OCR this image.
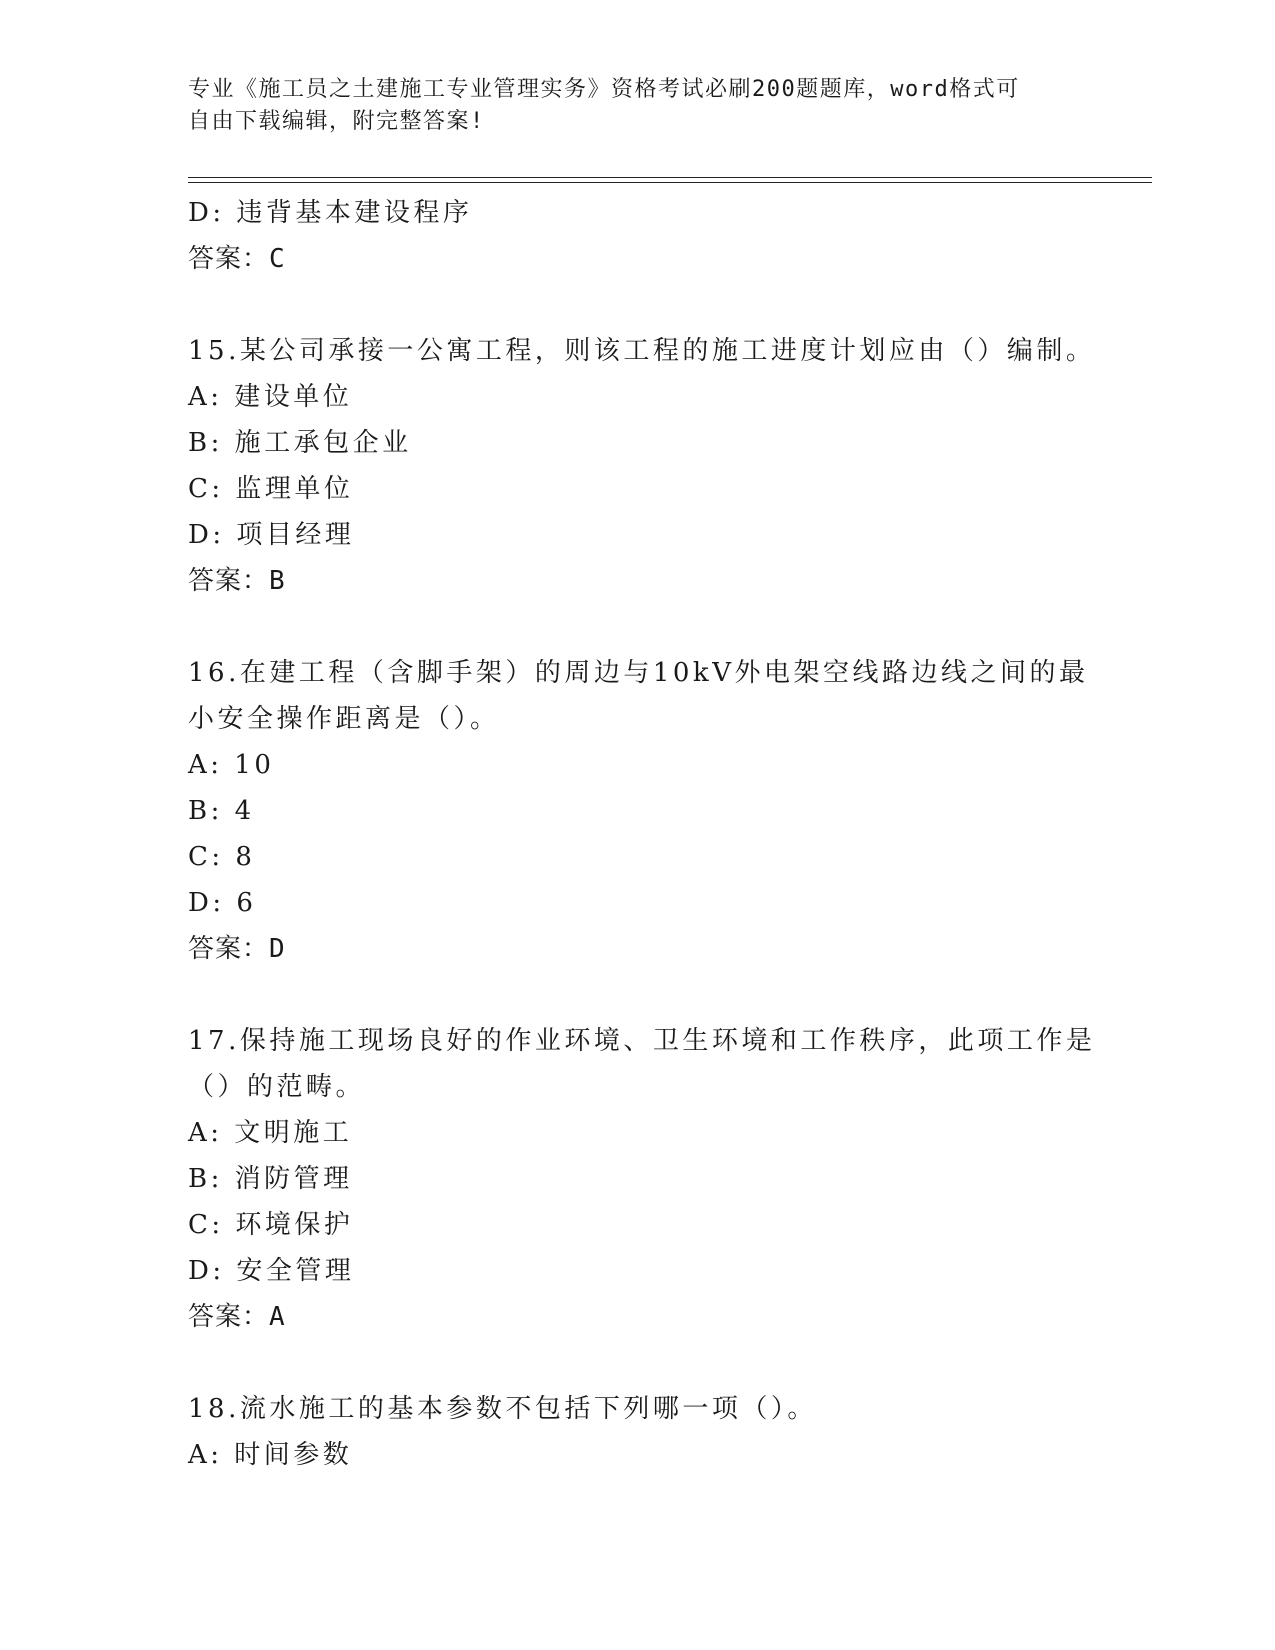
专业《施工员之土建施工专业管理实务》资格考试必刷200题题库，word格式可
自由下载编辑，附完整答案!
D: 违背基本建设程序
答案：C
15.某公司承接一公寓工程，则该工程的施工进度计划应由（）编制。
A: 建设单位
B: 施工承包企业
C: 监理单位
D: 项目经理
答案：B
16.在建工程（含脚手架）的周边与10kV外电架空线路边线之间的最
小安全操作距离是（）。
A: 10
B: 4
C: 8
D: 6
答案：D
17.保持施工现场良好的作业环境、卫生环境和工作秩序，此项工作是
（）的范畴。
A: 文明施工
B: 消防管理
C: 环境保护
D: 安全管理
答案：A
18.流水施工的基本参数不包括下列哪一项（）。
A: 时间参数
